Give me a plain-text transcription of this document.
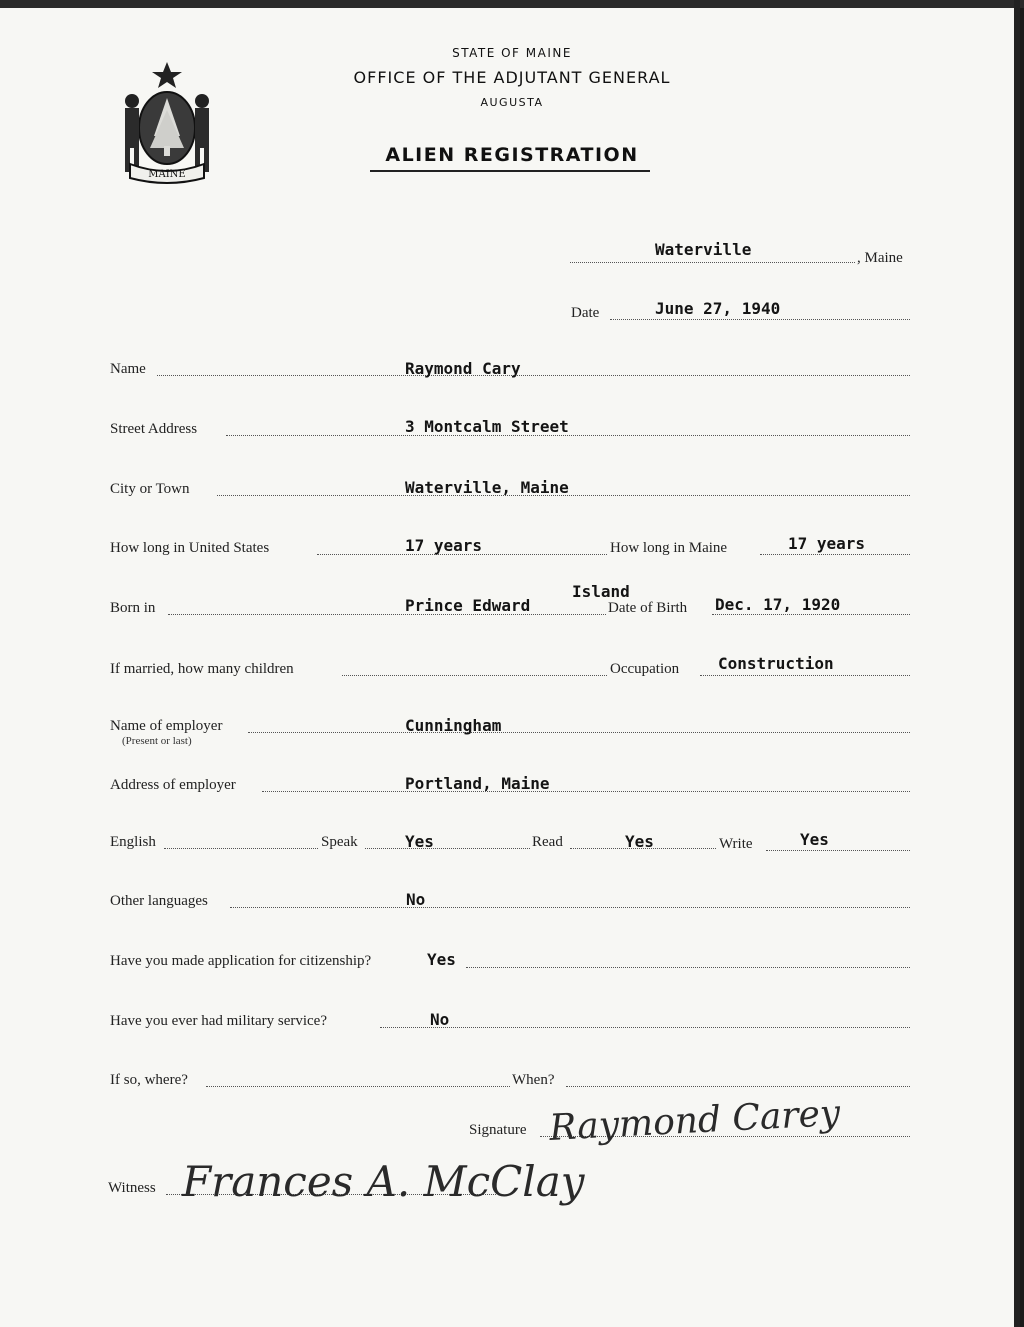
MAINE
STATE OF MAINE
OFFICE OF THE ADJUTANT GENERAL
AUGUSTA
ALIEN REGISTRATION
Waterville	, Maine
Date	June 27, 1940
Name	Raymond Cary
Street Address	3 Montcalm Street
City or Town	Waterville, Maine
How long in United States	17 years	How long in Maine	17 years
Born in	Prince Edward
Island
Date of Birth Dec. 17, 1920
If married, how many children	Occupation Construction
Name of employer
(Present or last)
Cunningham
Address of employer	Portland, Maine
English	Speak	Yes	Read	Yes	Write	Yes
Other languages	No
Have you made application for citizenship?	Yes
Have you ever had military service?	No
If so, where?	When?
Signature Raymond Carey
Witness Frances A. McClay
